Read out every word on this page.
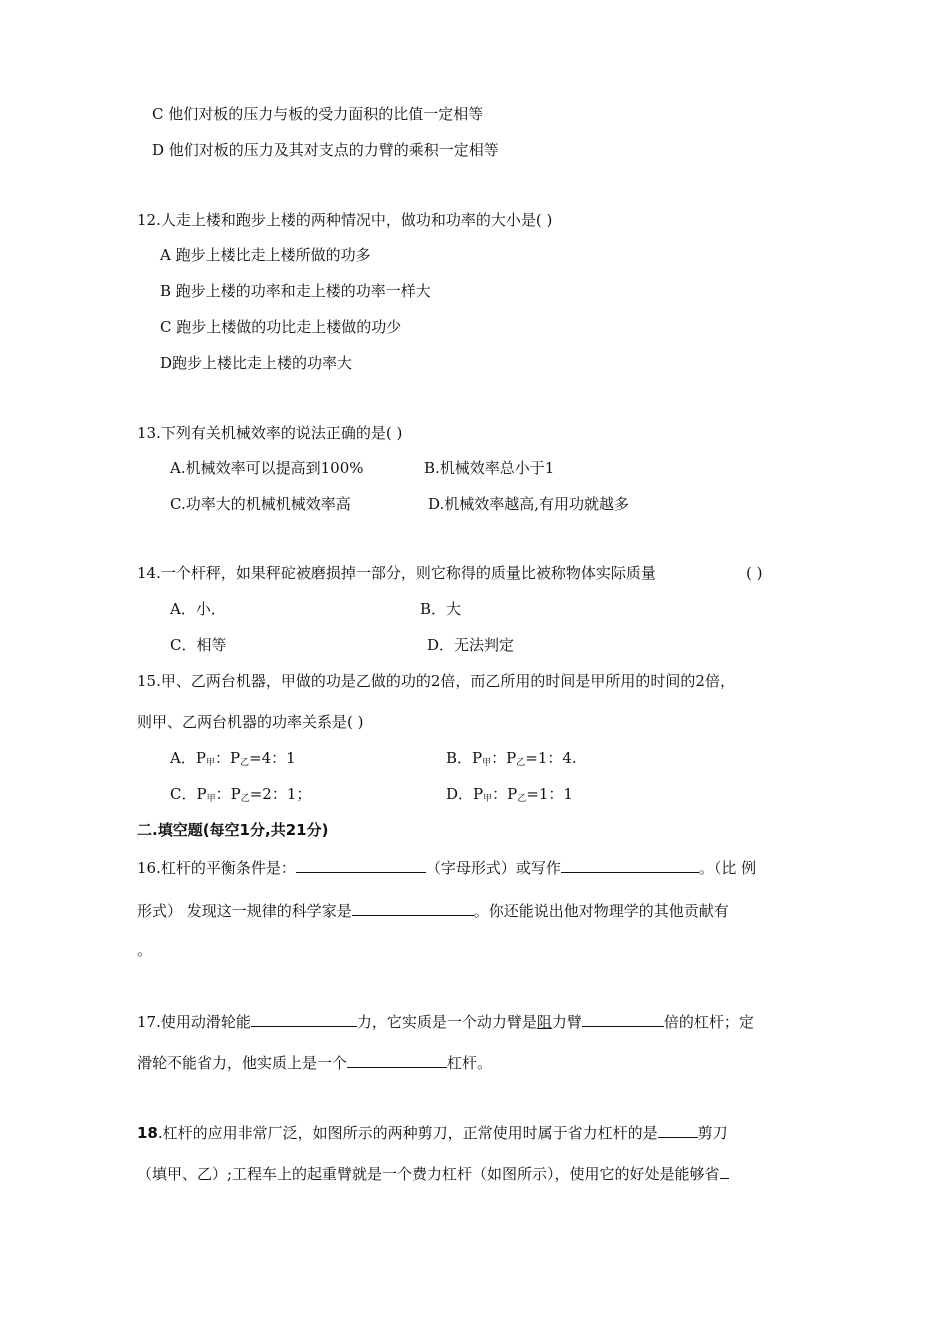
C 他们对板的压力与板的受力面积的比值一定相等
D 他们对板的压力及其对支点的力臂的乘积一定相等
12.人走上楼和跑步上楼的两种情况中，做功和功率的大小是( )
A 跑步上楼比走上楼所做的功多
B 跑步上楼的功率和走上楼的功率一样大
C 跑步上楼做的功比走上楼做的功少
D跑步上楼比走上楼的功率大
13.下列有关机械效率的说法正确的是( )
A.机械效率可以提高到100%	B.机械效率总小于1
C.功率大的机械机械效率高	D.机械效率越高,有用功就越多
14.一个杆秤，如果秤砣被磨损掉一部分，则它称得的质量比被称物体实际质量	( )
A．小．	B．大
C．相等	D．无法判定
15.甲、乙两台机器，甲做的功是乙做的功的2倍，而乙所用的时间是甲所用的时间的2倍，
则甲、乙两台机器的功率关系是( )
A．$P_甲$：$P_乙=4$：1	B．$P_甲$：$P_乙=1$：4.
C．$P_甲$：$P_乙=2$：1；	D．$P_甲$：$P_乙=1$：1
二.填空题(每空1分,共21分)
16.杠杆的平衡条件是：	（字母形式）或写作	。（比 例
形式） 发现这一规律的科学家是	。你还能说出他对物理学的其他贡献有
。
17.使用动滑轮能	力，它实质是一个动力臂是阻力臂	倍的杠杆；定
滑轮不能省力，他实质上是一个	杠杆。
18.杠杆的应用非常厂泛，如图所示的两种剪刀，正常使用时属于省力杠杆的是	剪刀
（填甲、乙）;工程车上的起重臂就是一个费力杠杆（如图所示），使用它的好处是能够省
